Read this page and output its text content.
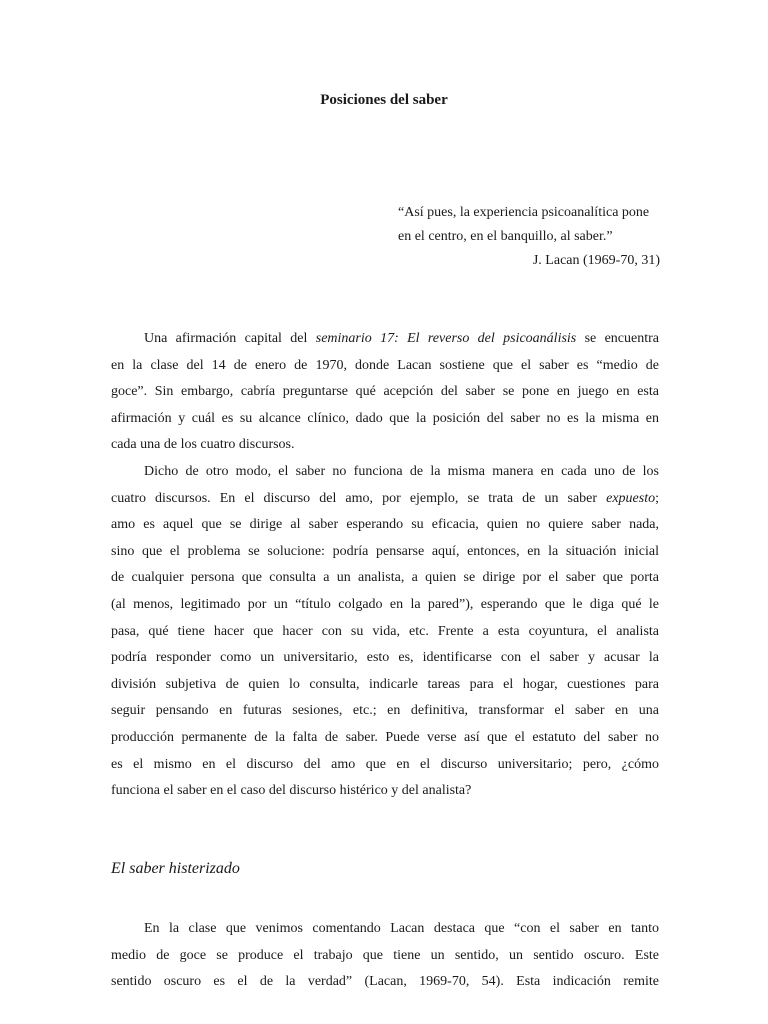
Posiciones del saber
“Así pues, la experiencia psicoanalítica pone
en el centro, en el banquillo, al saber.”
J. Lacan (1969-70, 31)
Una afirmación capital del seminario 17: El reverso del psicoanálisis se encuentra
en la clase del 14 de enero de 1970, donde Lacan sostiene que el saber es “medio de
goce”. Sin embargo, cabría preguntarse qué acepción del saber se pone en juego en esta
afirmación y cuál es su alcance clínico, dado que la posición del saber no es la misma en
cada una de los cuatro discursos.
Dicho de otro modo, el saber no funciona de la misma manera en cada uno de los
cuatro discursos. En el discurso del amo, por ejemplo, se trata de un saber expuesto;
amo es aquel que se dirige al saber esperando su eficacia, quien no quiere saber nada,
sino que el problema se solucione: podría pensarse aquí, entonces, en la situación inicial
de cualquier persona que consulta a un analista, a quien se dirige por el saber que porta
(al menos, legitimado por un “título colgado en la pared”), esperando que le diga qué le
pasa, qué tiene hacer que hacer con su vida, etc. Frente a esta coyuntura, el analista
podría responder como un universitario, esto es, identificarse con el saber y acusar la
división subjetiva de quien lo consulta, indicarle tareas para el hogar, cuestiones para
seguir pensando en futuras sesiones, etc.; en definitiva, transformar el saber en una
producción permanente de la falta de saber. Puede verse así que el estatuto del saber no
es el mismo en el discurso del amo que en el discurso universitario; pero, ¿cómo
funciona el saber en el caso del discurso histérico y del analista?
El saber histerizado
En la clase que venimos comentando Lacan destaca que “con el saber en tanto
medio de goce se produce el trabajo que tiene un sentido, un sentido oscuro. Este
sentido oscuro es el de la verdad” (Lacan, 1969-70, 54). Esta indicación remite
